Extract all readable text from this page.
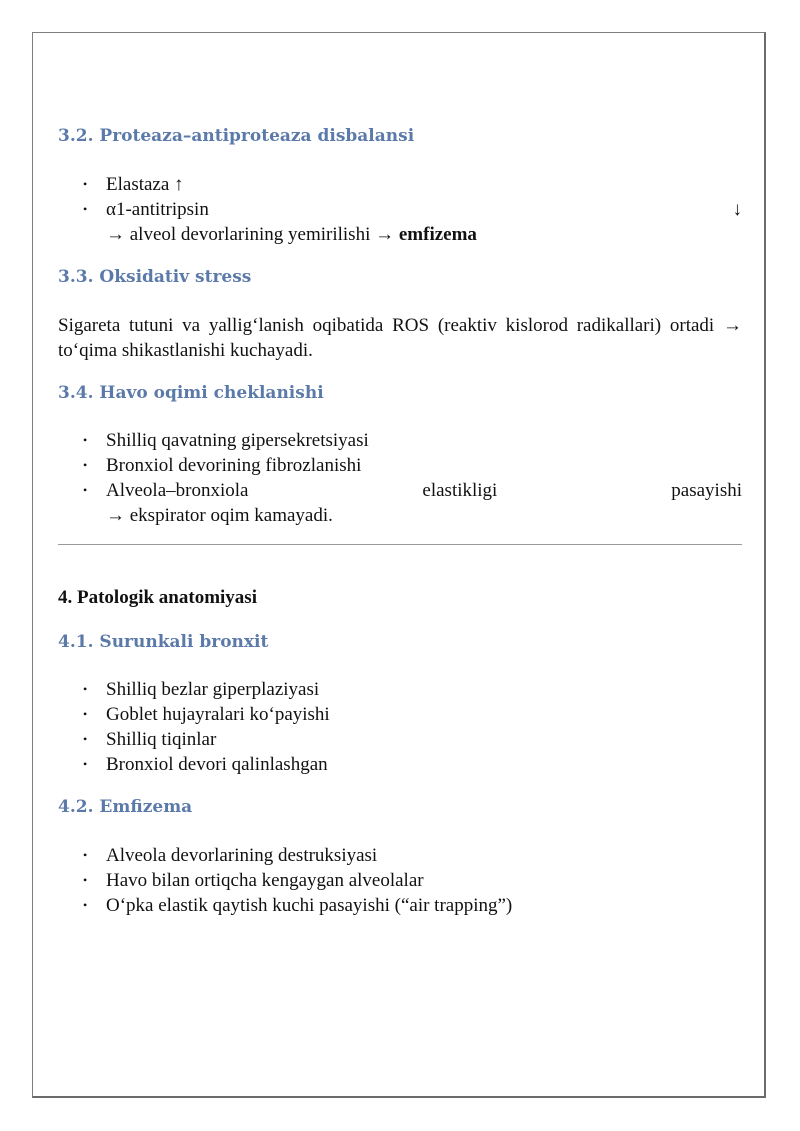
3.2. Proteaza–antiproteaza disbalansi
• Elastaza ↑
• α1-antitripsin	↓
→ alveol devorlarining yemirilishi → emfizema
3.3. Oksidativ stress

Sigareta tutuni va yallig‘lanish oqibatida ROS (reaktiv kislorod radikallari) ortadi → to‘qima shikastlanishi kuchayadi.

3.4. Havo oqimi cheklanishi
• Shilliq qavatning gipersekretsiyasi
• Bronxiol devorining fibrozlanishi
• Alveola–bronxiola	elastikligi	pasayishi
→ ekspirator oqim kamayadi.
4. Patologik anatomiyasi
4.1. Surunkali bronxit
• Shilliq bezlar giperplaziyasi
• Goblet hujayralari ko‘payishi
• Shilliq tiqinlar
• Bronxiol devori qalinlashgan
4.2. Emfizema
• Alveola devorlarining destruksiyasi
• Havo bilan ortiqcha kengaygan alveolalar
• O‘pka elastik qaytish kuchi pasayishi (“air trapping”)
